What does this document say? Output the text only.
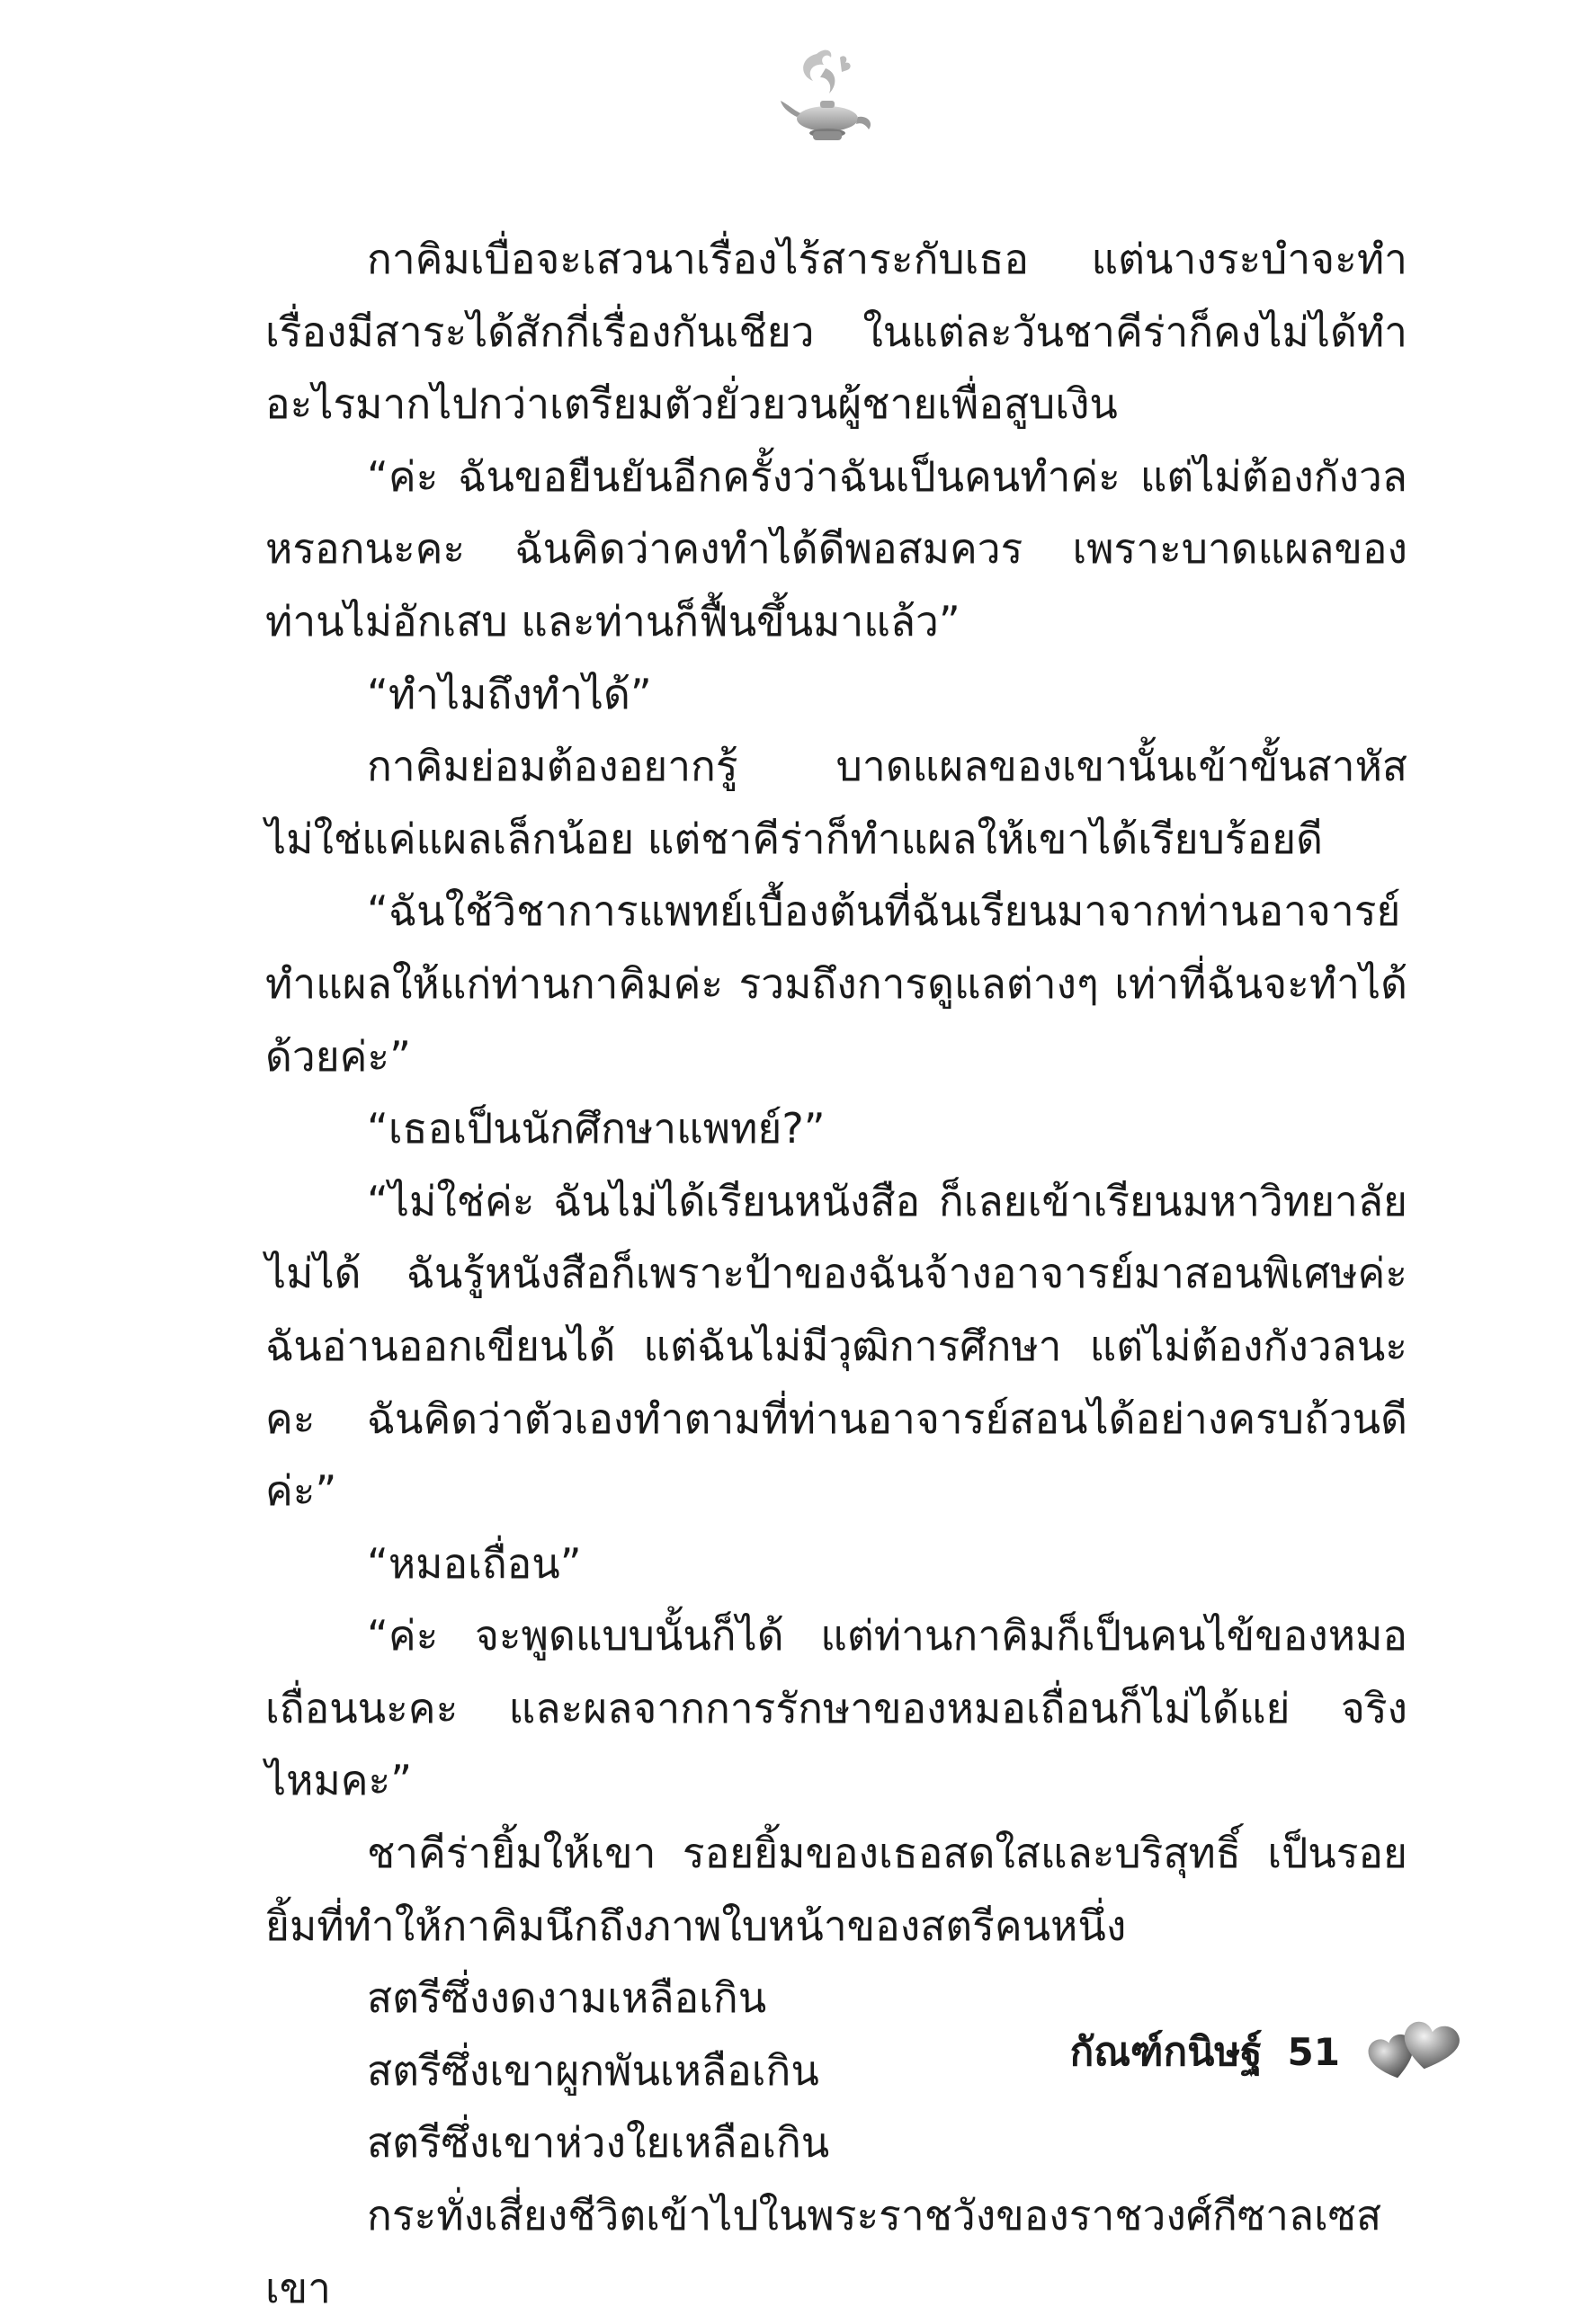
กาคิมเบื่อจะเสวนาเรื่องไร้สาระกับเธอ แต่นางระบำจะทำเรื่องมีสาระได้สักกี่เรื่องกันเชียว ในแต่ละวันชาคีร่าก็คงไม่ได้ทำอะไรมากไปกว่าเตรียมตัวยั่วยวนผู้ชายเพื่อสูบเงิน

“ค่ะ ฉันขอยืนยันอีกครั้งว่าฉันเป็นคนทำค่ะ แต่ไม่ต้องกังวลหรอกนะคะ ฉันคิดว่าคงทำได้ดีพอสมควร เพราะบาดแผลของท่านไม่อักเสบ และท่านก็ฟื้นขึ้นมาแล้ว”

“ทำไมถึงทำได้”

กาคิมย่อมต้องอยากรู้ บาดแผลของเขานั้นเข้าขั้นสาหัส ไม่ใช่แค่แผลเล็กน้อย แต่ชาคีร่าก็ทำแผลให้เขาได้เรียบร้อยดี

“ฉันใช้วิชาการแพทย์เบื้องต้นที่ฉันเรียนมาจากท่านอาจารย์ทำแผลให้แก่ท่านกาคิมค่ะ รวมถึงการดูแลต่างๆ เท่าที่ฉันจะทำได้ด้วยค่ะ”

“เธอเป็นนักศึกษาแพทย์?”

“ไม่ใช่ค่ะ ฉันไม่ได้เรียนหนังสือ ก็เลยเข้าเรียนมหาวิทยาลัยไม่ได้ ฉันรู้หนังสือก็เพราะป้าของฉันจ้างอาจารย์มาสอนพิเศษค่ะ ฉันอ่านออกเขียนได้ แต่ฉันไม่มีวุฒิการศึกษา แต่ไม่ต้องกังวลนะคะ ฉันคิดว่าตัวเองทำตามที่ท่านอาจารย์สอนได้อย่างครบถ้วนดีค่ะ”

“หมอเถื่อน”

“ค่ะ จะพูดแบบนั้นก็ได้ แต่ท่านกาคิมก็เป็นคนไข้ของหมอเถื่อนนะคะ และผลจากการรักษาของหมอเถื่อนก็ไม่ได้แย่ จริงไหมคะ”

ชาคีร่ายิ้มให้เขา รอยยิ้มของเธอสดใสและบริสุทธิ์ เป็นรอยยิ้มที่ทำให้กาคิมนึกถึงภาพใบหน้าของสตรีคนหนึ่ง

สตรีซึ่งงดงามเหลือเกิน

สตรีซึ่งเขาผูกพันเหลือเกิน

สตรีซึ่งเขาห่วงใยเหลือเกิน

กระทั่งเสี่ยงชีวิตเข้าไปในพระราชวังของราชวงศ์กีซาลเซส เขา

กัณฑ์กนิษฐ์ 51
